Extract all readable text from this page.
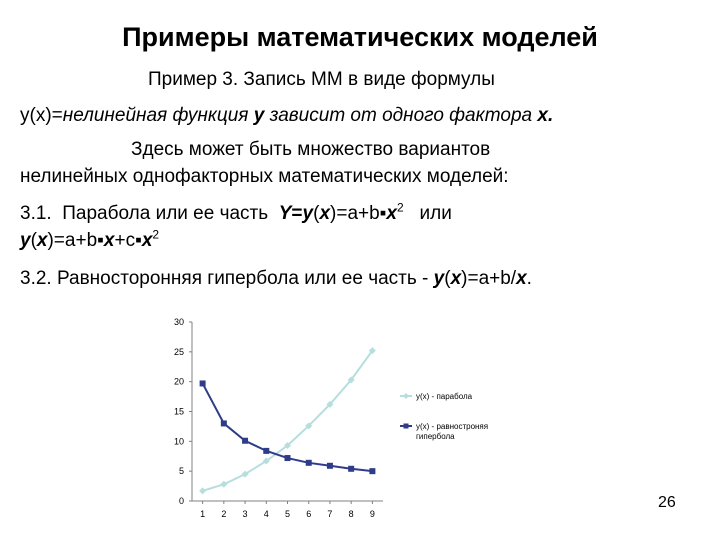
Примеры математических моделей
Пример 3. Запись ММ в виде формулы
y(x)=нелинейная функция у зависит от одного фактора х.
Здесь может быть множество вариантов
нелинейных однофакторных математических моделей:
3.1. Парабола или ее часть $Y=y(x)=a+b▪x^2$ или
$y(x)=a+b▪x+c▪x^2$
3.2. Равносторонняя гипербола или ее часть - y(x)=a+b/x.
0
5
10
15
20
25
30
1 2 3 4 5 6 7 8 9
y(x) - парабола
y(x) - равностроняя
гипербола
26
